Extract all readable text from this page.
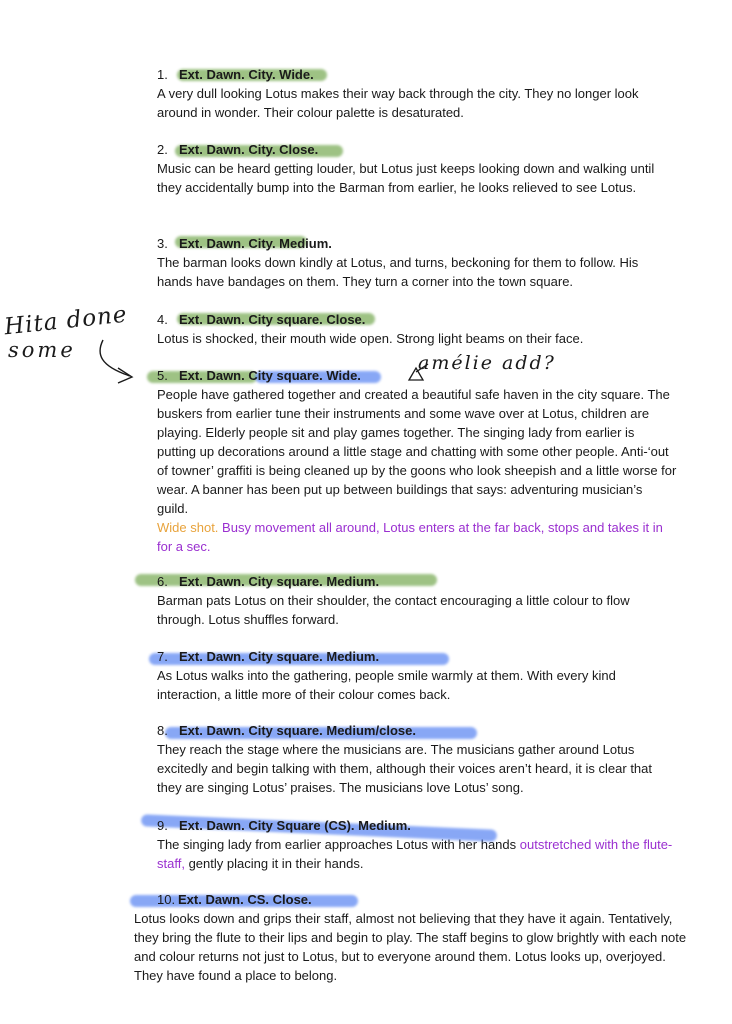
1. Ext. Dawn. City. Wide.

A very dull looking Lotus makes their way back through the city. They no longer look around in wonder. Their colour palette is desaturated.

2. Ext. Dawn. City. Close.

Music can be heard getting louder, but Lotus just keeps looking down and walking until they accidentally bump into the Barman from earlier, he looks relieved to see Lotus.

3. Ext. Dawn. City. Medium.

The barman looks down kindly at Lotus, and turns, beckoning for them to follow. His hands have bandages on them. They turn a corner into the town square.

4. Ext. Dawn. City square. Close.

Lotus is shocked, their mouth wide open. Strong light beams on their face.

5. Ext. Dawn. City square. Wide.

People have gathered together and created a beautiful safe haven in the city square. The buskers from earlier tune their instruments and some wave over at Lotus, children are playing. Elderly people sit and play games together. The singing lady from earlier is putting up decorations around a little stage and chatting with some other people. Anti-‘out of towner’ graffiti is being cleaned up by the goons who look sheepish and a little worse for wear. A banner has been put up between buildings that says: adventuring musician’s guild.

Wide shot. Busy movement all around, Lotus enters at the far back, stops and takes it in for a sec.
6. Ext. Dawn. City square. Medium.

Barman pats Lotus on their shoulder, the contact encouraging a little colour to flow through. Lotus shuffles forward.

7. Ext. Dawn. City square. Medium.

As Lotus walks into the gathering, people smile warmly at them. With every kind interaction, a little more of their colour comes back.

8. Ext. Dawn. City square. Medium/close.

They reach the stage where the musicians are. The musicians gather around Lotus excitedly and begin talking with them, although their voices aren’t heard, it is clear that they are singing Lotus’ praises. The musicians love Lotus’ song.

9. Ext. Dawn. City Square (CS). Medium.

The singing lady from earlier approaches Lotus with her hands outstretched with the flute-staff, gently placing it in their hands.

10. Ext. Dawn. CS. Close.

Lotus looks down and grips their staff, almost not believing that they have it again. Tentatively, they bring the flute to their lips and begin to play. The staff begins to glow brightly with each note and colour returns not just to Lotus, but to everyone around them. Lotus looks up, overjoyed. They have found a place to belong.

Hita done
some
amélie add?
